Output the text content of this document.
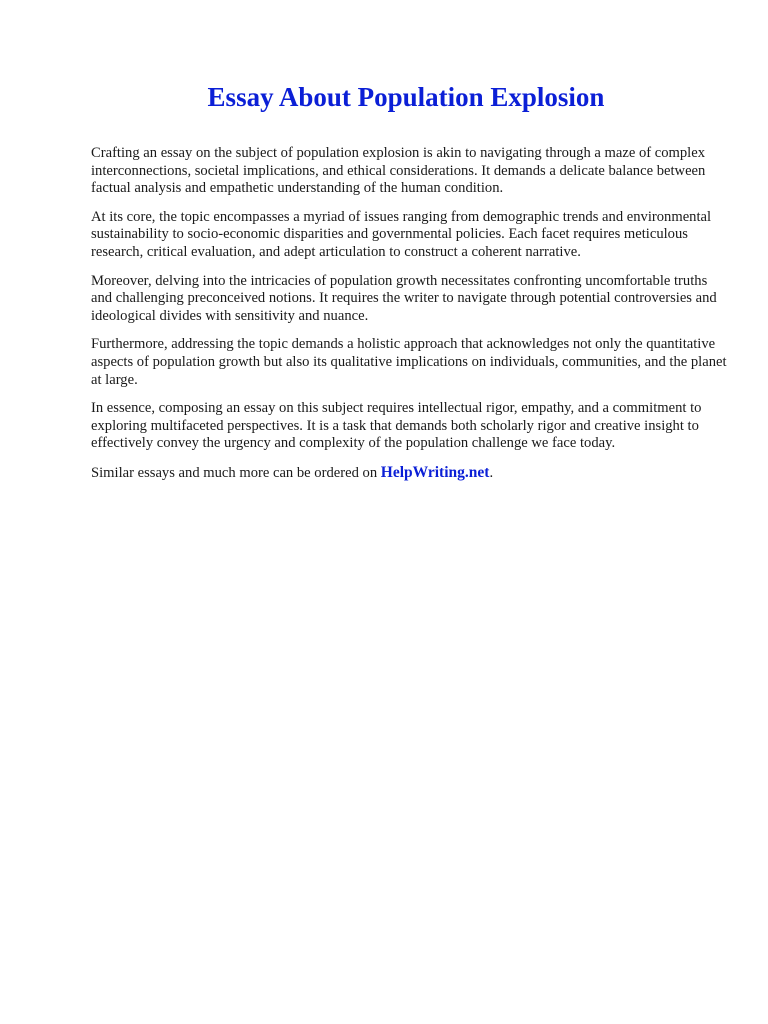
Essay About Population Explosion

Crafting an essay on the subject of population explosion is akin to navigating through a maze of complex interconnections, societal implications, and ethical considerations. It demands a delicate balance between factual analysis and empathetic understanding of the human condition.

At its core, the topic encompasses a myriad of issues ranging from demographic trends and environmental sustainability to socio-economic disparities and governmental policies. Each facet requires meticulous research, critical evaluation, and adept articulation to construct a coherent narrative.

Moreover, delving into the intricacies of population growth necessitates confronting uncomfortable truths and challenging preconceived notions. It requires the writer to navigate through potential controversies and ideological divides with sensitivity and nuance.

Furthermore, addressing the topic demands a holistic approach that acknowledges not only the quantitative aspects of population growth but also its qualitative implications on individuals, communities, and the planet at large.

In essence, composing an essay on this subject requires intellectual rigor, empathy, and a commitment to exploring multifaceted perspectives. It is a task that demands both scholarly rigor and creative insight to effectively convey the urgency and complexity of the population challenge we face today.

Similar essays and much more can be ordered on HelpWriting.net.
